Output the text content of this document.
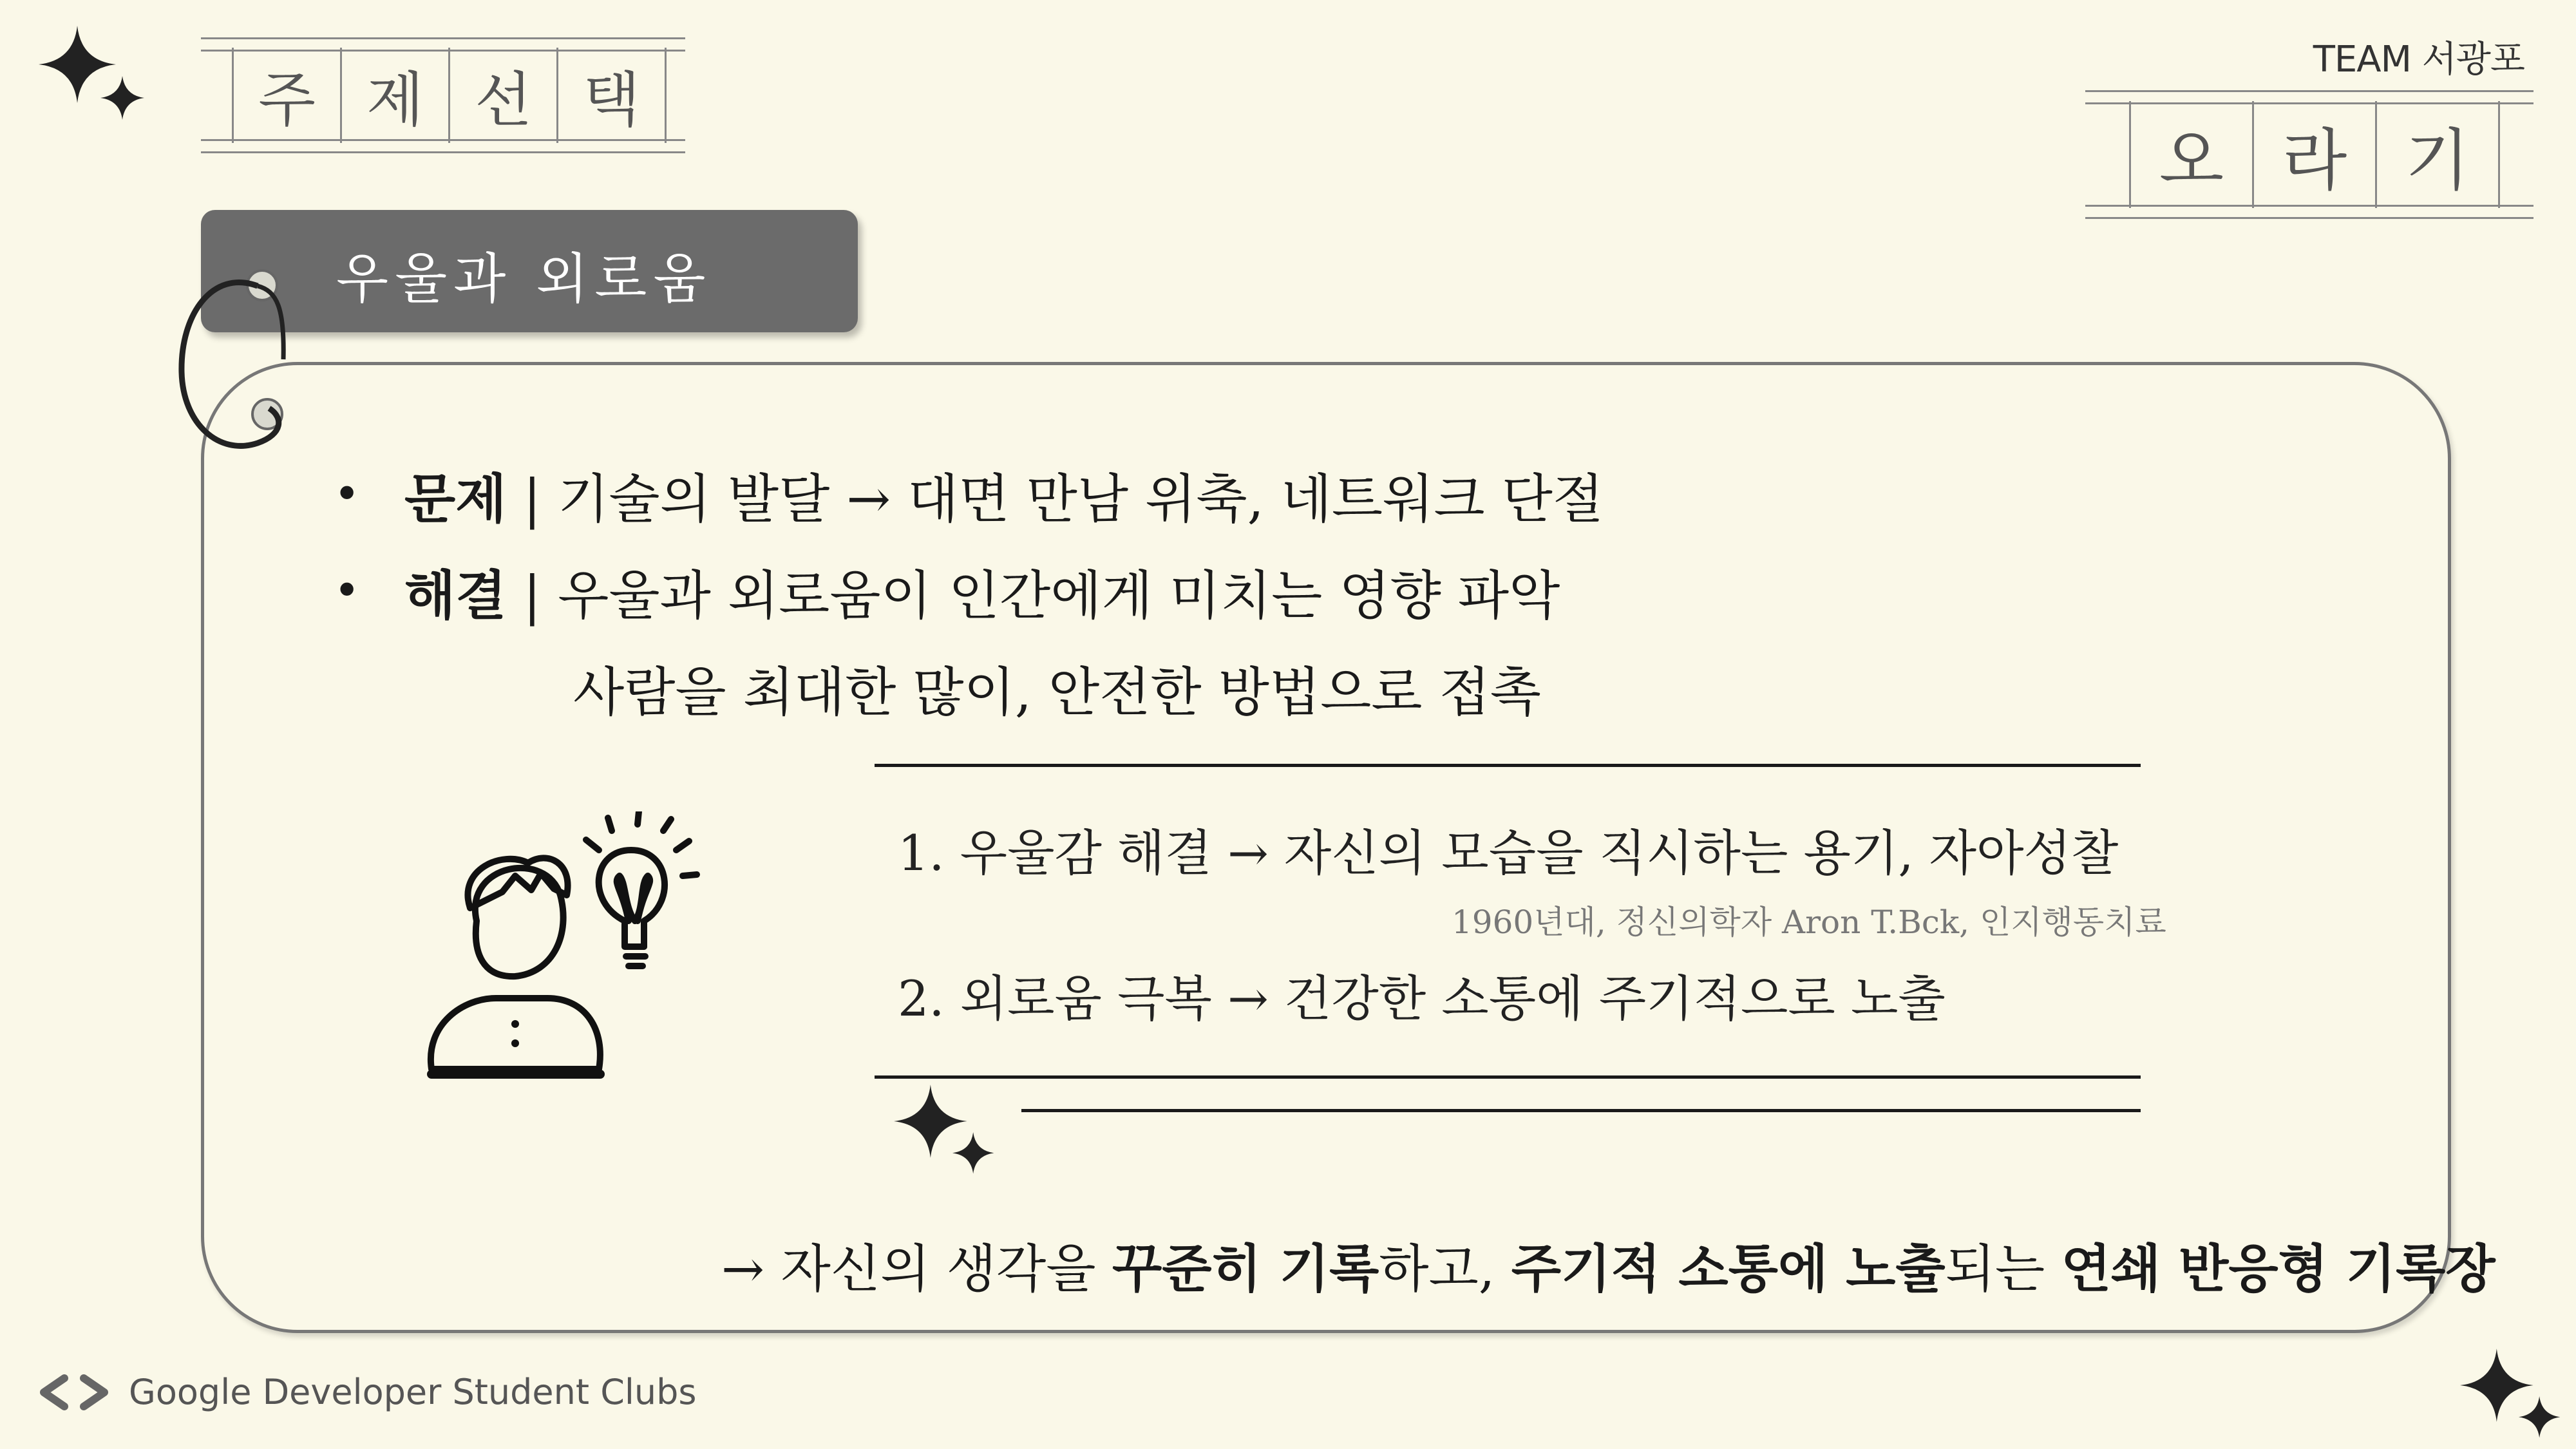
주 제 선 택
TEAM 서광포
오 라 기
우울과 외로움
• 문제 | 기술의 발달 → 대면 만남 위축, 네트워크 단절
• 해결 | 우울과 외로움이 인간에게 미치는 영향 파악
사람을 최대한 많이, 안전한 방법으로 접촉
1. 우울감 해결 → 자신의 모습을 직시하는 용기, 자아성찰
1960년대, 정신의학자 Aron T.Bck, 인지행동치료
2. 외로움 극복 → 건강한 소통에 주기적으로 노출
→ 자신의 생각을 꾸준히 기록하고, 주기적 소통에 노출되는 연쇄 반응형 기록장
Google Developer Student Clubs
